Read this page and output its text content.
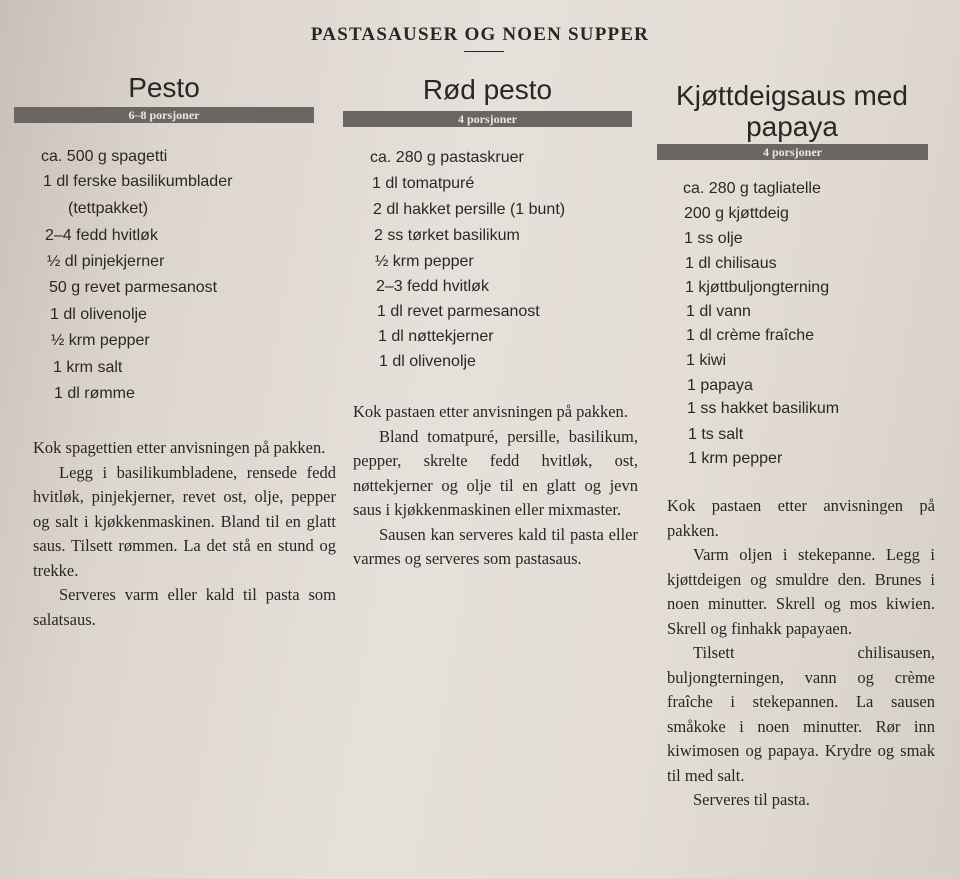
PASTASAUSER OG NOEN SUPPER
Pesto
6–8 porsjoner
ca. 500 g spagetti
1 dl ferske basilikumblader
(tettpakket)
2–4 fedd hvitløk
½ dl pinjekjerner
50 g revet parmesanost
1 dl olivenolje
½ krm pepper
1 krm salt
1 dl rømme

Kok spagettien etter anvisningen på pakken.

Legg i basilikumbladene, rensede fedd hvitløk, pinjekjerner, revet ost, olje, pepper og salt i kjøkkenmaskinen. Bland til en glatt saus. Tilsett rømmen. La det stå en stund og trekke.

Serveres varm eller kald til pasta som salatsaus.

Rød pesto
4 porsjoner
ca. 280 g pastaskruer
1 dl tomatpuré
2 dl hakket persille (1 bunt)
2 ss tørket basilikum
½ krm pepper
2–3 fedd hvitløk
1 dl revet parmesanost
1 dl nøttekjerner
1 dl olivenolje

Kok pastaen etter anvisningen på pakken.

Bland tomatpuré, persille, basilikum, pepper, skrelte fedd hvitløk, ost, nøttekjerner og olje til en glatt og jevn saus i kjøkkenmaskinen eller mixmaster.

Sausen kan serveres kald til pasta eller varmes og serveres som pastasaus.

Kjøttdeigsaus med papaya
4 porsjoner
ca. 280 g tagliatelle
200 g kjøttdeig
1 ss olje
1 dl chilisaus
1 kjøttbuljongterning
1 dl vann
1 dl crème fraîche
1 kiwi
1 papaya
1 ss hakket basilikum
1 ts salt
1 krm pepper

Kok pastaen etter anvisningen på pakken.

Varm oljen i stekepanne. Legg i kjøttdeigen og smuldre den. Brunes i noen minutter. Skrell og mos kiwien. Skrell og finhakk papayaen.

Tilsett chilisausen, buljongterningen, vann og crème fraîche i stekepannen. La sausen småkoke i noen minutter. Rør inn kiwimosen og papaya. Krydre og smak til med salt.

Serveres til pasta.
